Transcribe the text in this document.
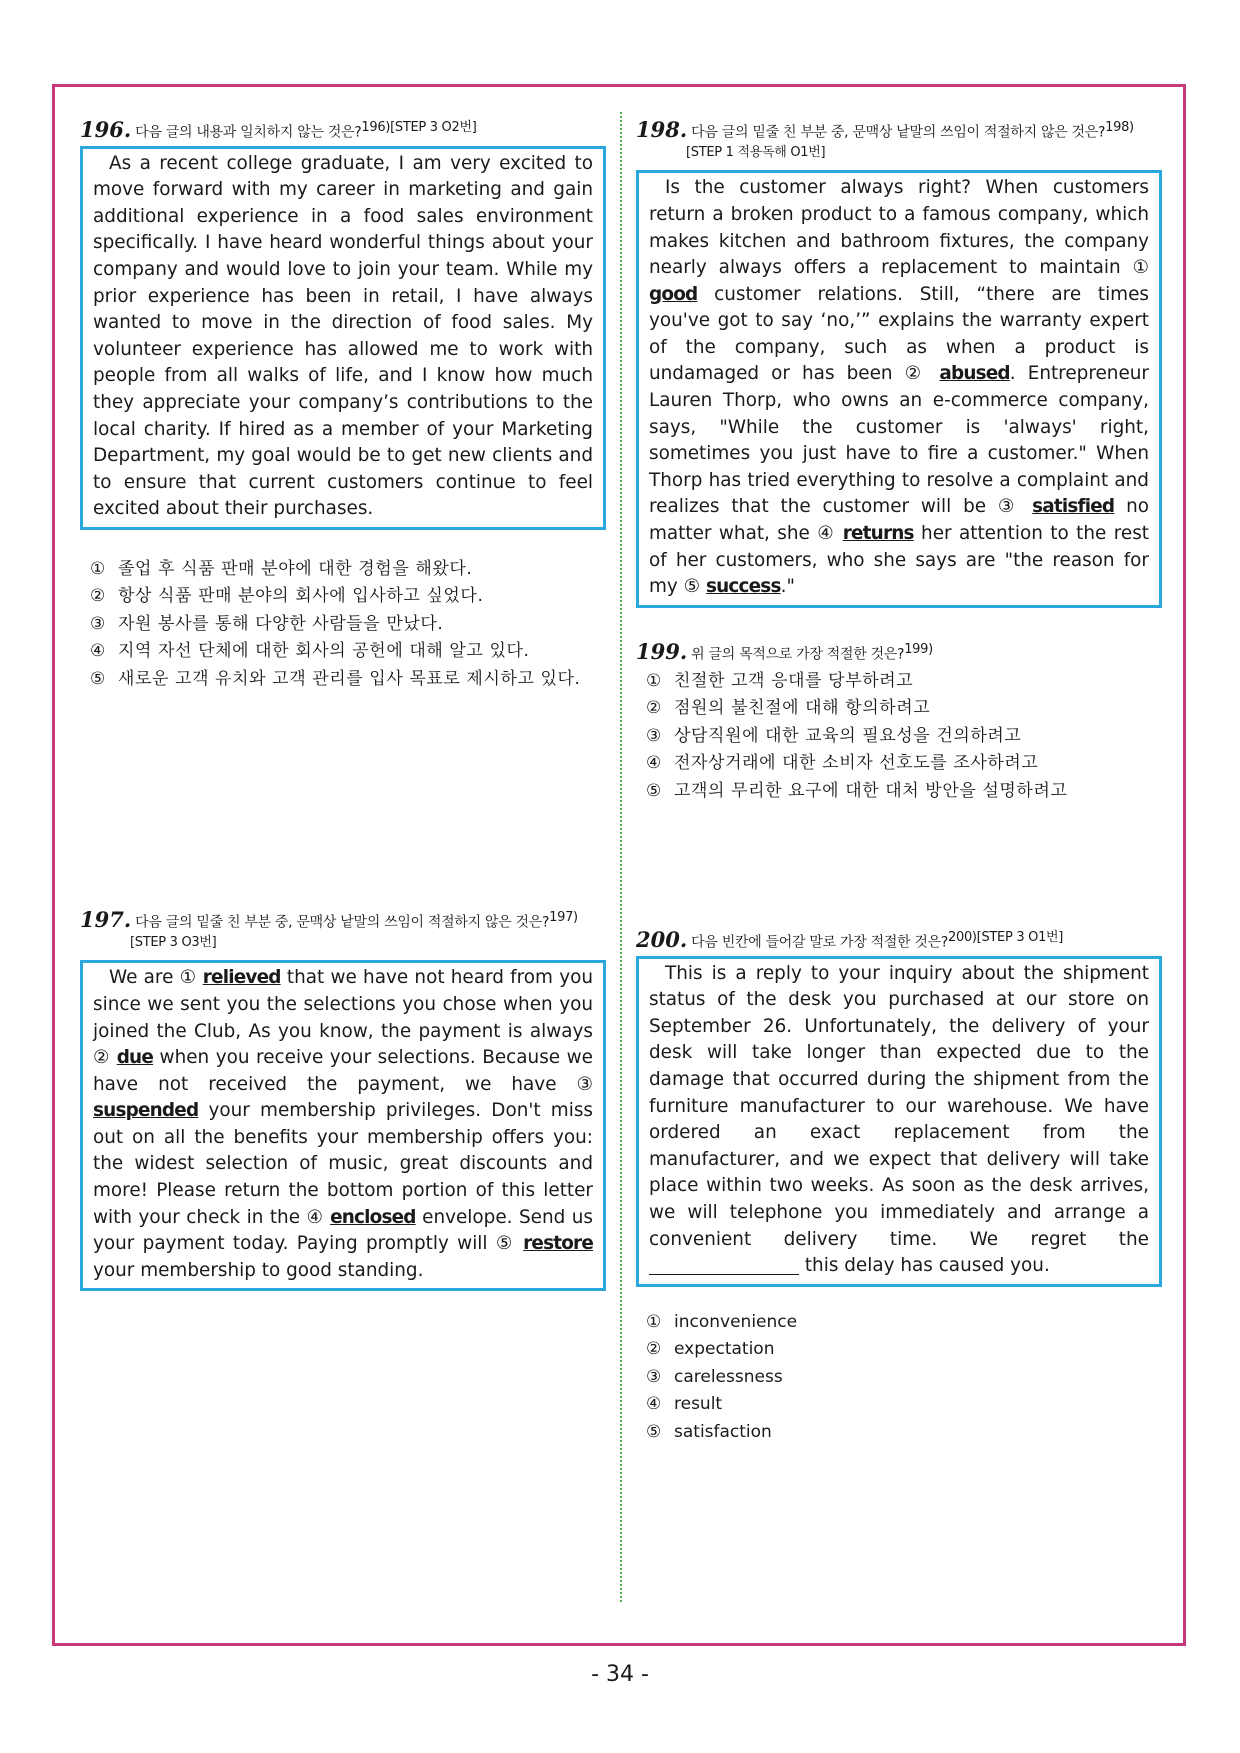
196. 다음 글의 내용과 일치하지 않는 것은?$^{196)[STEP 3 O2번]}$

As a recent college graduate, I am very excited to move forward with my career in marketing and gain additional experience in a food sales environment specifically. I have heard wonderful things about your company and would love to join your team. While my prior experience has been in retail, I have always wanted to move in the direction of food sales. My volunteer experience has allowed me to work with people from all walks of life, and I know how much they appreciate your company’s contributions to the local charity. If hired as a member of your Marketing Department, my goal would be to get new clients and to ensure that current customers continue to feel excited about their purchases.

① 졸업 후 식품 판매 분야에 대한 경험을 해왔다.
② 항상 식품 판매 분야의 회사에 입사하고 싶었다.
③ 자원 봉사를 통해 다양한 사람들을 만났다.
④ 지역 자선 단체에 대한 회사의 공헌에 대해 알고 있다.
⑤ 새로운 고객 유치와 고객 관리를 입사 목표로 제시하고 있다.

197. 다음 글의 밑줄 친 부분 중, 문맥상 낱말의 쓰임이 적절하지 않은 것은?$^{197)[STEP 3 O3번]}$

We are ① relieved that we have not heard from you since we sent you the selections you chose when you joined the Club, As you know, the payment is always ② due when you receive your selections. Because we have not received the payment, we have ③ suspended your membership privileges. Don't miss out on all the benefits your membership offers you: the widest selection of music, great discounts and more! Please return the bottom portion of this letter with your check in the ④ enclosed envelope. Send us your payment today. Paying promptly will ⑤ restore your membership to good standing.

198. 다음 글의 밑줄 친 부분 중, 문맥상 낱말의 쓰임이 적절하지 않은 것은?$^{198)[STEP 1 적용독해 O1번]}$

Is the customer always right? When customers return a broken product to a famous company, which makes kitchen and bathroom fixtures, the company nearly always offers a replacement to maintain ① good customer relations. Still, “there are times you've got to say ‘no,’” explains the warranty expert of the company, such as when a product is undamaged or has been ② abused. Entrepreneur Lauren Thorp, who owns an e-commerce company, says, "While the customer is 'always' right, sometimes you just have to fire a customer." When Thorp has tried everything to resolve a complaint and realizes that the customer will be ③ satisfied no matter what, she ④ returns her attention to the rest of her customers, who she says are "the reason for my ⑤ success."

199. 위 글의 목적으로 가장 적절한 것은?$^{199)}$

① 친절한 고객 응대를 당부하려고
② 점원의 불친절에 대해 항의하려고
③ 상담직원에 대한 교육의 필요성을 건의하려고
④ 전자상거래에 대한 소비자 선호도를 조사하려고
⑤ 고객의 무리한 요구에 대한 대처 방안을 설명하려고

200. 다음 빈칸에 들어갈 말로 가장 적절한 것은?$^{200)[STEP 3 O1번]}$

This is a reply to your inquiry about the shipment status of the desk you purchased at our store on September 26. Unfortunately, the delivery of your desk will take longer than expected due to the damage that occurred during the shipment from the furniture manufacturer to our warehouse. We have ordered an exact replacement from the manufacturer, and we expect that delivery will take place within two weeks. As soon as the desk arrives, we will telephone you immediately and arrange a convenient delivery time. We regret the  this delay has caused you.

① inconvenience
② expectation
③ carelessness
④ result
⑤ satisfaction
- 34 -
